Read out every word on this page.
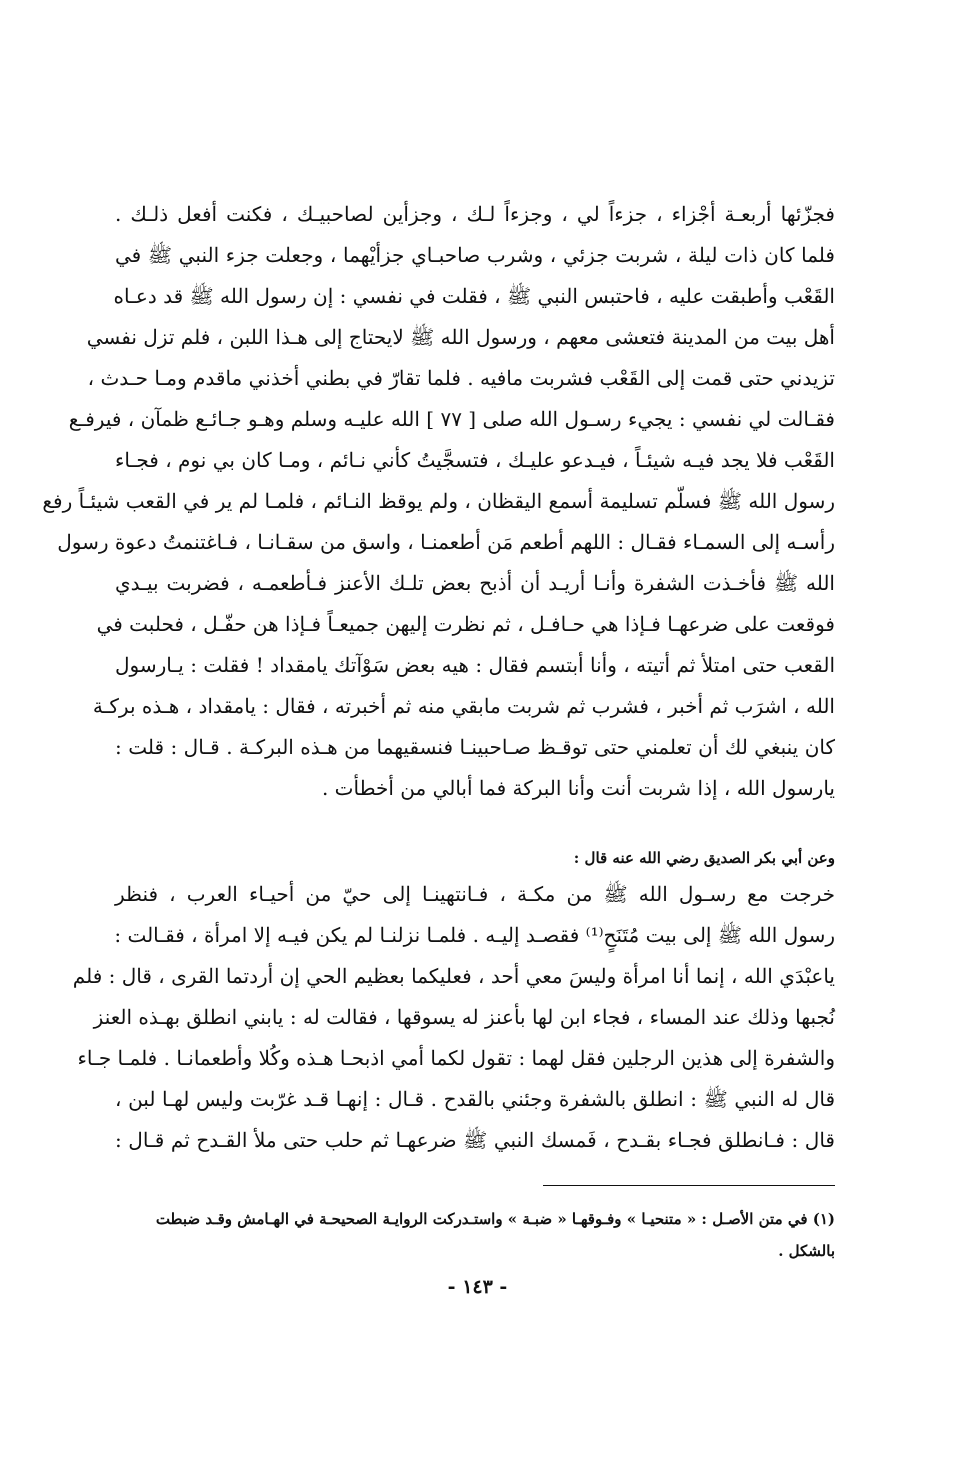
فجزّئها أربعـة أجْزاء ، جزءاً لي ، وجزءاً لـك ، وجزأين لصاحبيـك ، فكنت أفعل ذلـك .
فلما كان ذات ليلة ، شربت جزئي ، وشرب صاحبـاي جزأيْهما ، وجعلت جزء النبي ﷺ في
القَعْب وأطبقت عليه ، فاحتبس النبي ﷺ ، فقلت في نفسي : إن رسول الله ﷺ قد دعـاه
أهل بيت من المدينة فتعشى معهم ، ورسول الله ﷺ لايحتاج إلى هـذا اللبن ، فلم تزل نفسي
تزيدني حتى قمت إلى القَعْب فشربت مافيه . فلما تقارّ في بطني أخذني ماقدم ومـا حـدث ،
فقـالت لي نفسي : يجيء رسـول الله صلى [ ٧٧ ] الله عليـه وسلم وهـو جـائـع ظمآن ، فيرفـع
القَعْب فلا يجد فيـه شيئـاً ، فيـدعو عليـك ، فتسجَّيتُ كأني نـائم ، ومـا كان بي نوم ، فجـاء
رسول الله ﷺ فسلّم تسليمة أسمع اليقظان ، ولم يوقظ النـائم ، فلمـا لم ير في القعب شيئـاً رفع
رأسـه إلى السمـاء فقـال : اللهم أطعم مَن أطعمنـا ، واسق من سقـانـا ، فـاغتنمتُ دعوة رسول
الله ﷺ فأخـذت الشفرة وأنـا أريـد أن أذبح بعض تلـك الأعنز فـأطعمـه ، فضربت بيـدي
فوقعت على ضرعهـا فـإذا هي حـافـل ، ثم نظرت إليهن جميعـاً فـإذا هن حفّـل ، فحلبت في
القعب حتى امتلأ ثم أتيته ، وأنا أبتسم فقال : هيه بعض سَوْآتك يامقداد ! فقلت : يـارسول
الله ، اشرَب ثم أخبر ، فشرب ثم شربت مابقي منه ثم أخبرته ، فقال : يامقداد ، هـذه بركـة
كان ينبغي لك أن تعلمني حتى توقـظ صـاحبينـا فنسقيهما من هـذه البركـة . قـال : قلت :
يارسول الله ، إذا شربت أنت وأنا البركة فما أبالي من أخطأت .
وعن أبي بكر الصديق رضي الله عنه قال :
خرجت مع رسـول الله ﷺ من مكـة ، فـانتهينـا إلى حيّ من أحيـاء العرب ، فنظر
رسول الله ﷺ إلى بيت مُتَنَحٍ⁽¹⁾ فقصـد إليـه . فلمـا نزلنـا لم يكن فيـه إلا امرأة ، فقـالت :
ياعبْدَي الله ، إنما أنا امرأة وليسَ معي أحد ، فعليكما بعظيم الحي إن أردتما القرى ، قال : فلم
نُجبها وذلك عند المساء ، فجاء ابن لها بأعنز له يسوقها ، فقالت له : يابني انطلق بهـذه العنز
والشفرة إلى هذين الرجلين فقل لهما : تقول لكما أمي اذبحـا هـذه وكُلا وأطعمانـا . فلمـا جـاء
قال له النبي ﷺ : انطلق بالشفرة وجئني بالقدح . قـال : إنهـا قـد غرّبت وليس لهـا لبن ،
قال : فـانطلق فجـاء بقـدح ، فَمسك النبي ﷺ ضرعهـا ثم حلب حتى ملأ القـدح ثم قـال :
(١) في متن الأصـل : « متنحيـا » وفـوقهـا « ضبـة » واستـدركت الروايـة الصحيحـة في الهـامش وقـد ضبطت
بالشكل .
- ١٤٣ -
